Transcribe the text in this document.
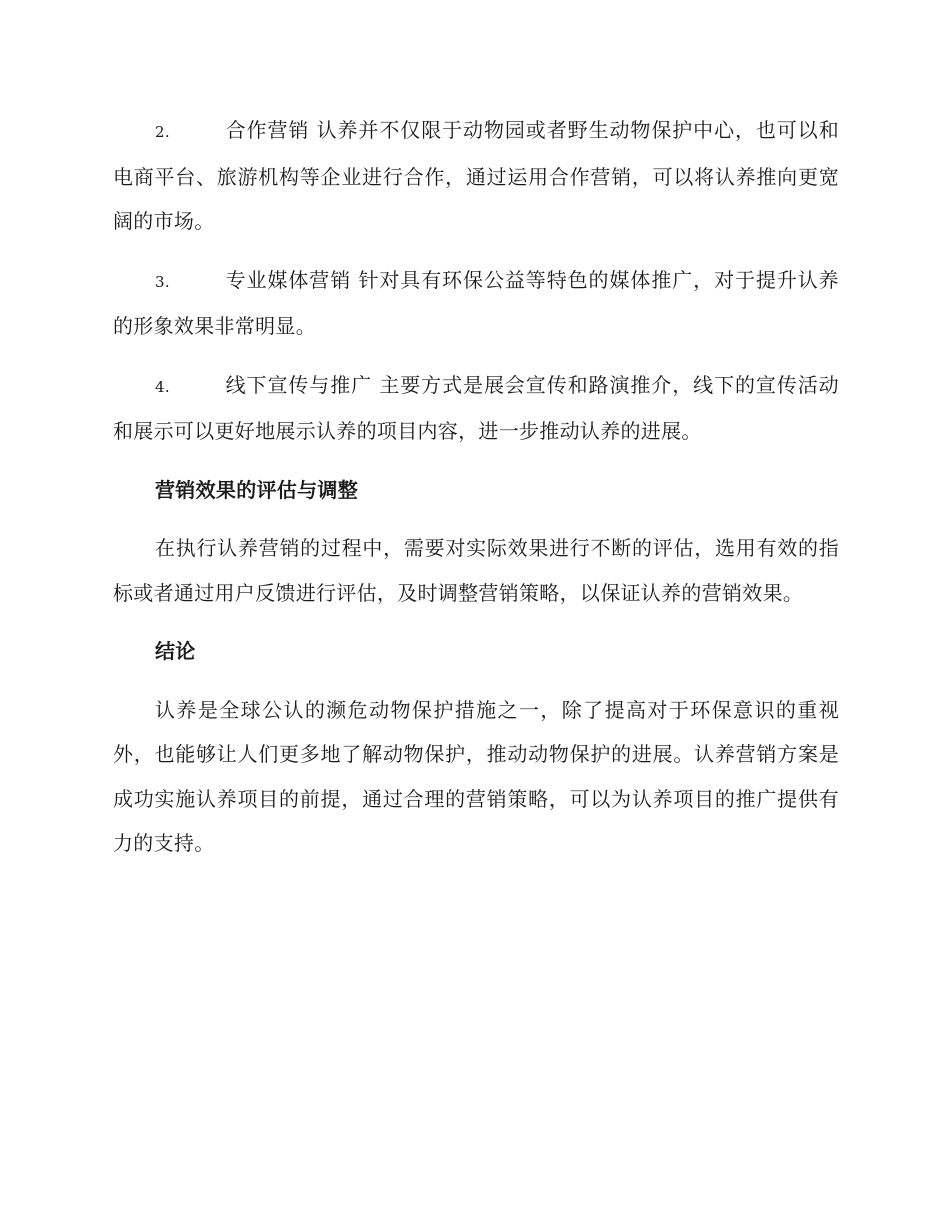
2.	合作营销 认养并不仅限于动物园或者野生动物保护中心，也可以和电商平台、旅游机构等企业进行合作，通过运用合作营销，可以将认养推向更宽阔的市场。

3.	专业媒体营销 针对具有环保公益等特色的媒体推广，对于提升认养的形象效果非常明显。

4.	线下宣传与推广 主要方式是展会宣传和路演推介，线下的宣传活动和展示可以更好地展示认养的项目内容，进一步推动认养的进展。

营销效果的评估与调整

在执行认养营销的过程中，需要对实际效果进行不断的评估，选用有效的指标或者通过用户反馈进行评估，及时调整营销策略，以保证认养的营销效果。

结论

认养是全球公认的濒危动物保护措施之一，除了提高对于环保意识的重视外，也能够让人们更多地了解动物保护，推动动物保护的进展。认养营销方案是成功实施认养项目的前提，通过合理的营销策略，可以为认养项目的推广提供有力的支持。
